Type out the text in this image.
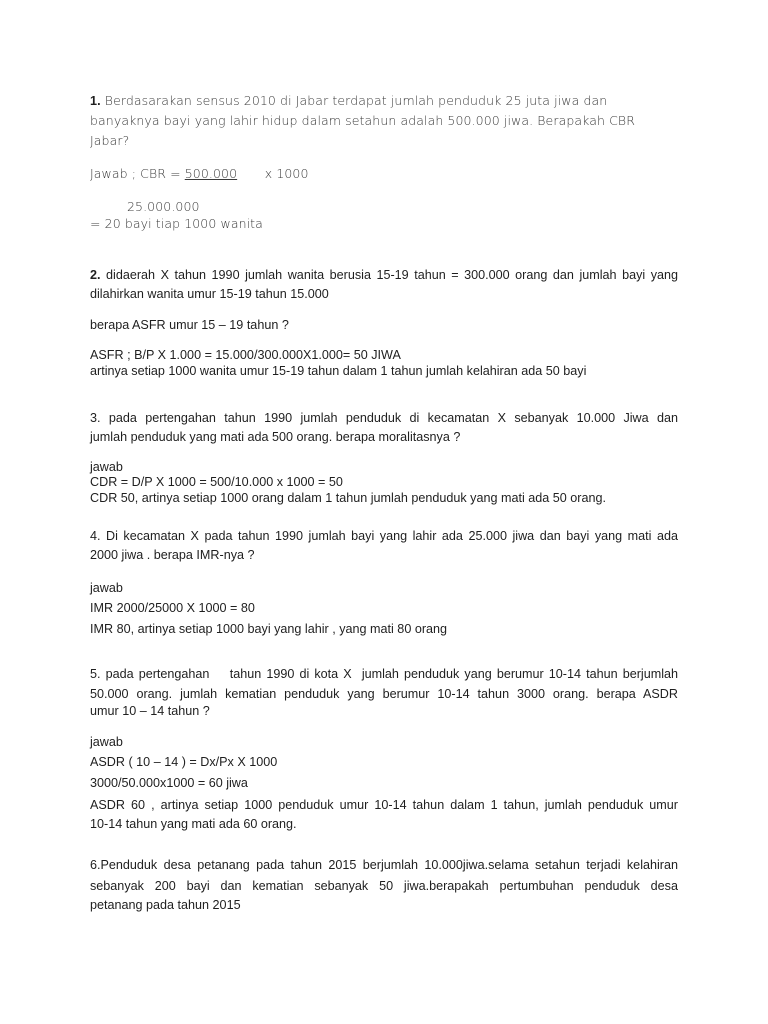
1. Berdasarakan sensus 2010 di Jabar terdapat jumlah penduduk 25 juta jiwa dan
banyaknya bayi yang lahir hidup dalam setahun adalah 500.000 jiwa. Berapakah CBR
Jabar?
Jawab ; CBR = 500.000 x 1000
25.000.000
= 20 bayi tiap 1000 wanita
2. didaerah X tahun 1990 jumlah wanita berusia 15-19 tahun = 300.000 orang dan jumlah bayi yang
dilahirkan wanita umur 15-19 tahun 15.000
berapa ASFR umur 15 – 19 tahun ?
ASFR ; B/P X 1.000 = 15.000/300.000X1.000= 50 JIWA
artinya setiap 1000 wanita umur 15-19 tahun dalam 1 tahun jumlah kelahiran ada 50 bayi
3. pada pertengahan tahun 1990 jumlah penduduk di kecamatan X sebanyak 10.000 Jiwa dan
jumlah penduduk yang mati ada 500 orang. berapa moralitasnya ?
jawab
CDR = D/P X 1000 = 500/10.000 x 1000 = 50
CDR 50, artinya setiap 1000 orang dalam 1 tahun jumlah penduduk yang mati ada 50 orang.
4. Di kecamatan X pada tahun 1990 jumlah bayi yang lahir ada 25.000 jiwa dan bayi yang mati ada
2000 jiwa . berapa IMR-nya ?
jawab
IMR 2000/25000 X 1000 = 80
IMR 80, artinya setiap 1000 bayi yang lahir , yang mati 80 orang
5. pada pertengahan    tahun 1990 di kota X  jumlah penduduk yang berumur 10-14 tahun berjumlah
50.000 orang. jumlah kematian penduduk yang berumur 10-14 tahun 3000 orang. berapa ASDR
umur 10 – 14 tahun ?
jawab
ASDR ( 10 – 14 ) = Dx/Px X 1000
3000/50.000x1000 = 60 jiwa
ASDR 60 , artinya setiap 1000 penduduk umur 10-14 tahun dalam 1 tahun, jumlah penduduk umur
10-14 tahun yang mati ada 60 orang.
6.Penduduk desa petanang pada tahun 2015 berjumlah 10.000jiwa.selama setahun terjadi kelahiran
sebanyak 200 bayi dan kematian sebanyak 50 jiwa.berapakah pertumbuhan penduduk desa
petanang pada tahun 2015
